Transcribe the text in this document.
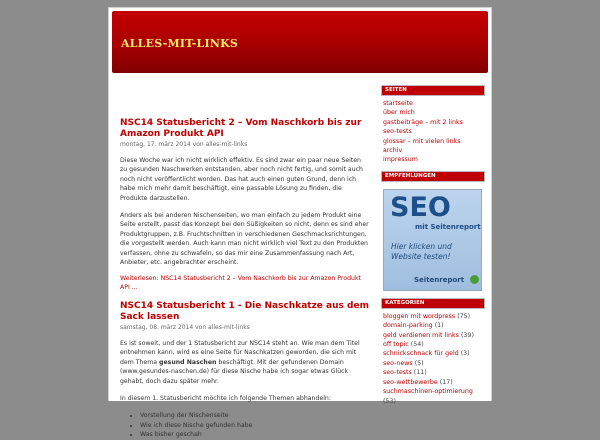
ALLES-MIT-LINKS
NSC14 Statusbericht 2 – Vom Naschkorb bis zur Amazon Produkt API
montag, 17. märz 2014 von alles-mit-links

Diese Woche war ich nicht wirklich effektiv. Es sind zwar ein paar neue Seiten zu gesunden Naschwerken entstanden, aber noch nicht fertig, und somit auch noch nicht veröffentlicht worden. Das hat auch einen guten Grund, denn ich habe mich mehr damit beschäftigt, eine passable Lösung zu finden, die Produkte darzustellen.

Anders als bei anderen Nischenseiten, wo man einfach zu jedem Produkt eine Seite erstellt, passt das Konzept bei den Süßigkeiten so nicht, denn es sind eher Produktgruppen, z.B. Fruchtschnitten in verschiedenen Geschmacksrichtungen, die vorgestellt werden. Auch kann man nicht wirklich viel Text zu den Produkten verfassen, ohne zu schwafeln, so das mir eine Zusammenfassung nach Art, Anbieter, etc. angebrachter erscheint.

Weiterlesen: NSC14 Statusbericht 2 – Vom Naschkorb bis zur Amazon Produkt API ...
NSC14 Statusbericht 1 - Die Naschkatze aus dem Sack lassen
samstag, 08. märz 2014 von alles-mit-links

Es ist soweit, und der 1 Statusbericht zur NSC14 steht an. Wie man dem Titel entnehmen kann, wird es eine Seite für Naschkatzen geworden, die sich mit dem Thema gesund Naschen beschäftigt. Mit der gefundenen Domain (www.gesundes-naschen.de) für diese Nische habe ich sogar etwas Glück gehabt, doch dazu später mehr.

In diesem 1. Statusbericht möchte ich folgende Themen abhandeln:

• Vorstellung der Nischenseite
• Wie ich diese Nische gefunden habe
• Was bisher geschah
SEITEN
startseite
über mich
gastbeiträge – mit 2 links
seo-tests
glossar – mit vielen links
archiv
impressum
EMPFEHLUNGEN
SEO
mit Seitenreport
Hier klicken und Website testen!
Seitenreport
KATEGORIEN
bloggen mit wordpress (75)
domain-parking (1)
geld verdienen mit links (39)
off topic (54)
schnickschnack für geld (3)
seo-news (5)
seo-tests (11)
seo-wettbewerbe (17)
suchmaschinen-optimierung (53)
